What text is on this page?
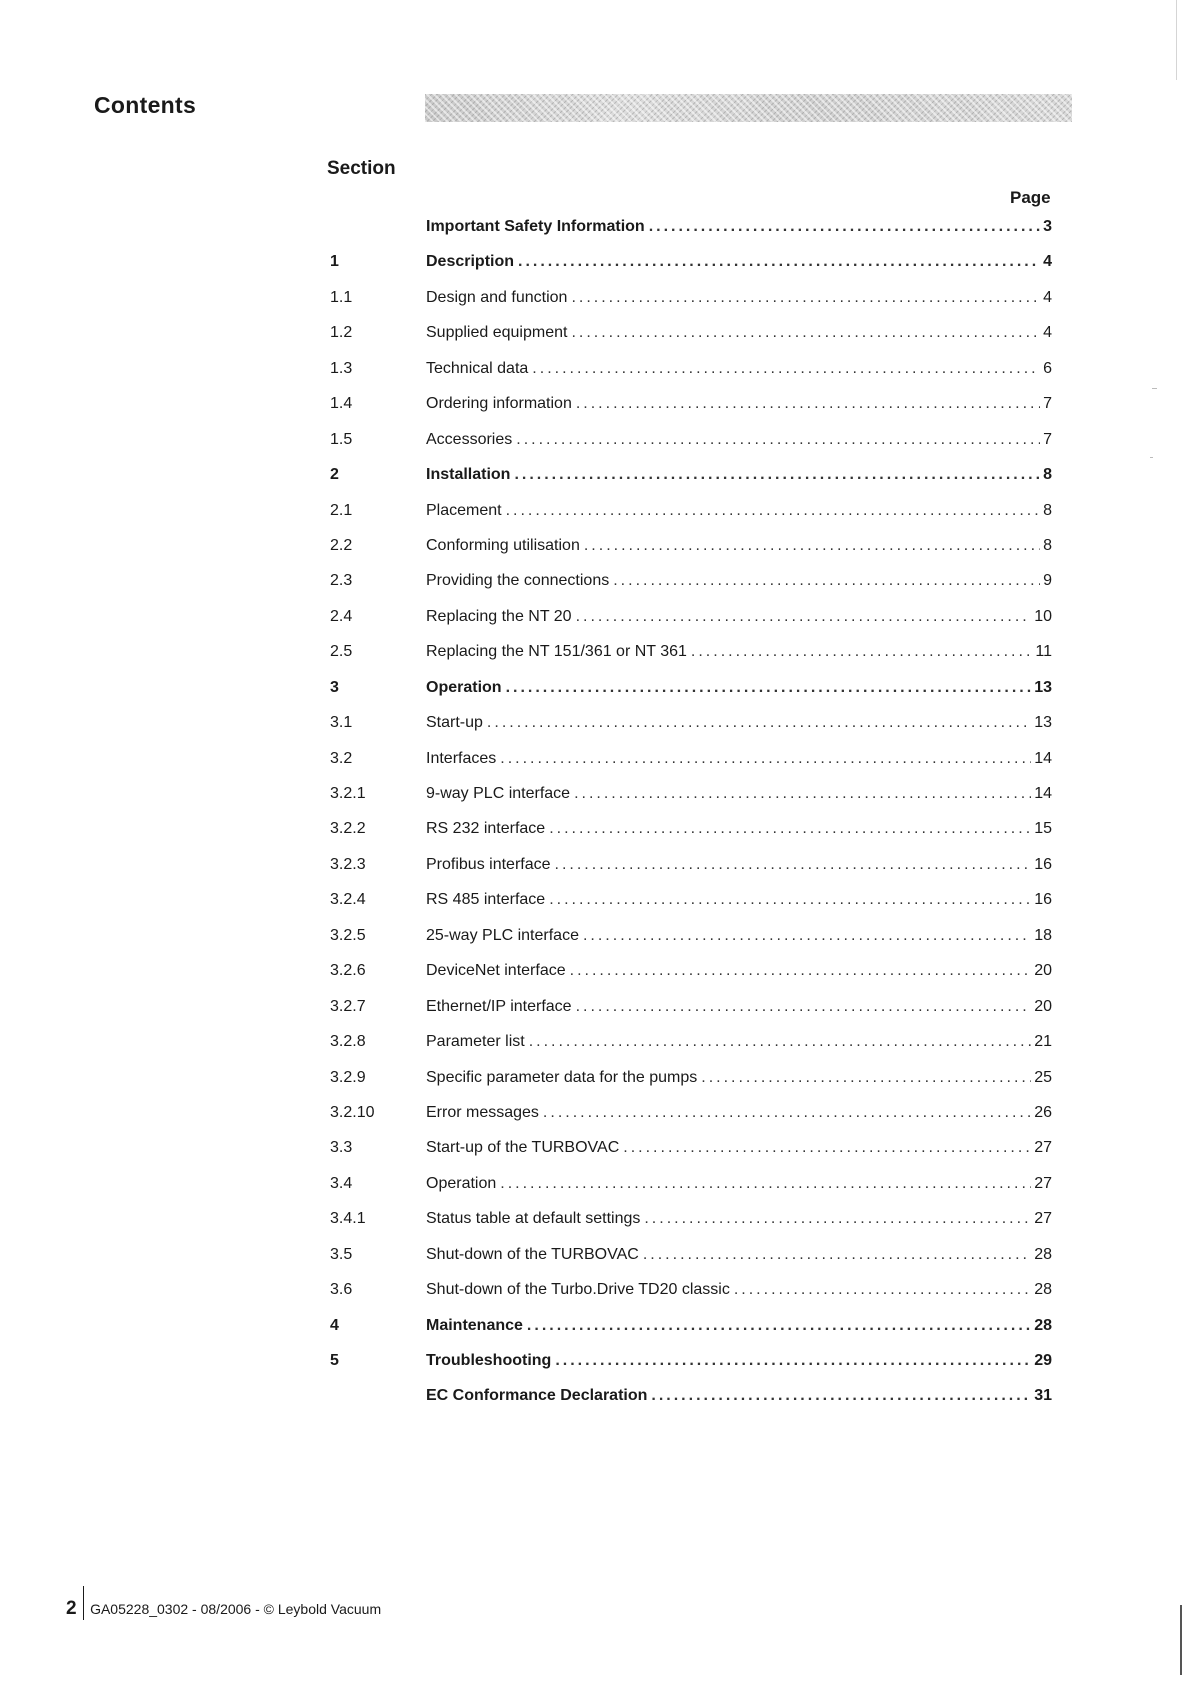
Contents
Section
Page
Important Safety Information .....	3
1	Description .....	4
1.1	Design and function .....	4
1.2	Supplied equipment .....	4
1.3	Technical data .....	6
1.4	Ordering information .....	7
1.5	Accessories .....	7
2	Installation .....	8
2.1	Placement .....	8
2.2	Conforming utilisation .....	8
2.3	Providing the connections .....	9
2.4	Replacing the NT 20 .....	10
2.5	Replacing the NT 151/361 or NT 361 .....	11
3	Operation .....	13
3.1	Start-up .....	13
3.2	Interfaces .....	14
3.2.1	9-way PLC interface .....	14
3.2.2	RS 232 interface .....	15
3.2.3	Profibus interface .....	16
3.2.4	RS 485 interface .....	16
3.2.5	25-way PLC interface .....	18
3.2.6	DeviceNet interface .....	20
3.2.7	Ethernet/IP interface .....	20
3.2.8	Parameter list .....	21
3.2.9	Specific parameter data for the pumps .....	25
3.2.10	Error messages .....	26
3.3	Start-up of the TURBOVAC .....	27
3.4	Operation .....	27
3.4.1	Status table at default settings .....	27
3.5	Shut-down of the TURBOVAC .....	28
3.6	Shut-down of the Turbo.Drive TD20 classic .....	28
4	Maintenance .....	28
5	Troubleshooting .....	29
EC Conformance Declaration .....	31
2 GA05228_0302 - 08/2006 - © Leybold Vacuum
